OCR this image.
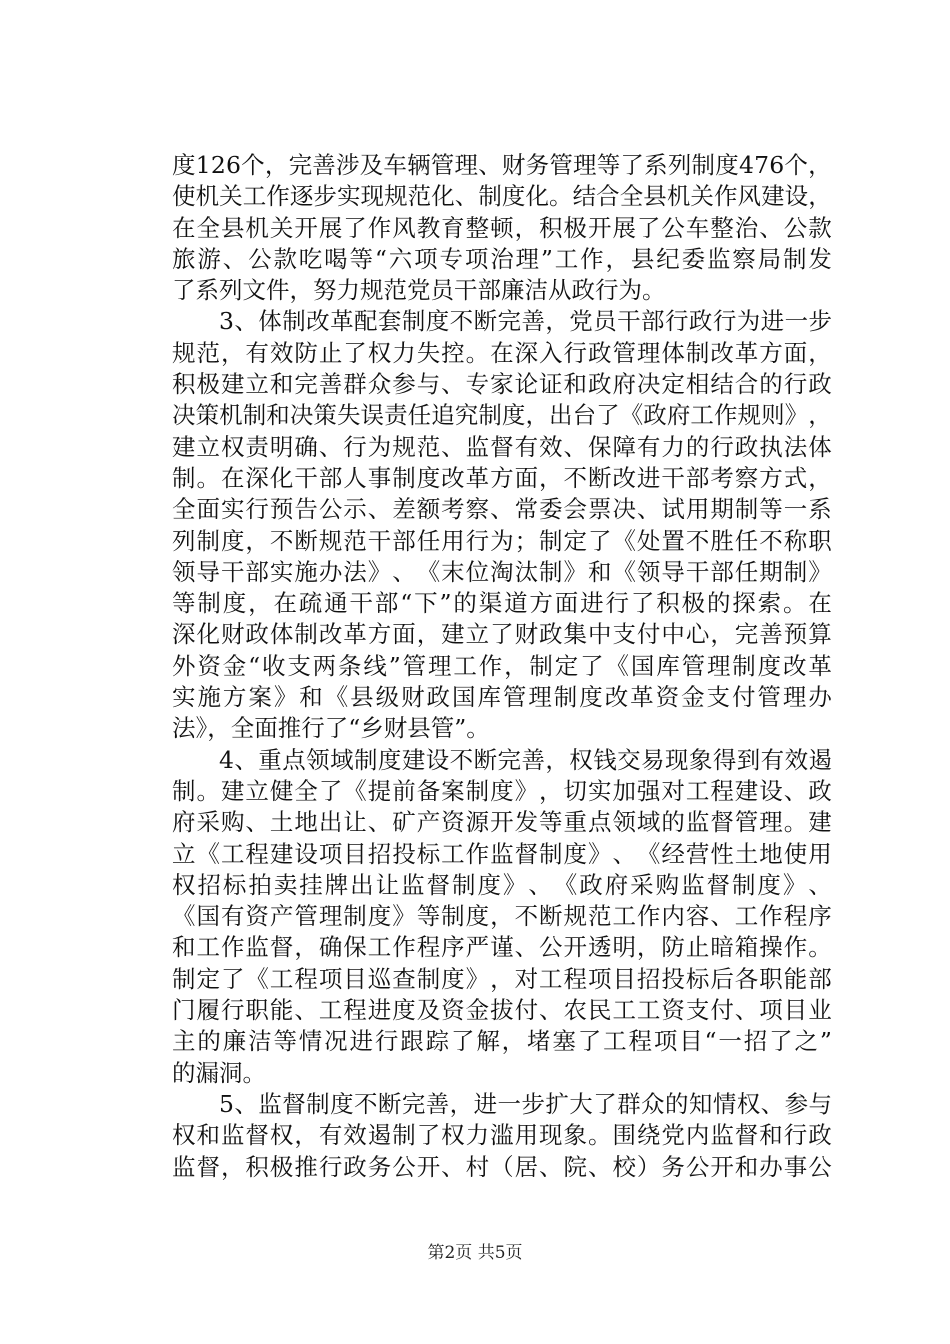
度 1 2 6 个 ， 完 善 涉 及 车 辆 管 理 、 财 务 管 理 等 了 系 列 制 度 4 7 6 个 ，
使 机 关 工 作 逐 步 实 现 规 范 化 、 制 度 化 。 结 合 全 县 机 关 作 风 建 设 ，
在 全 县 机 关 开 展 了 作 风 教 育 整 顿 ， 积 极 开 展 了 公 车 整 治 、 公 款
旅 游 、 公 款 吃 喝 等 “ 六 项 专 项 治 理 ” 工 作 ， 县 纪 委 监 察 局 制 发
了系列文件，努力规范党员干部廉洁从政行为。
3 、 体 制 改 革 配 套 制 度 不 断 完 善 ， 党 员 干 部 行 政 行 为 进 一 步
规 范 ， 有 效 防 止 了 权 力 失 控 。 在 深 入 行 政 管 理 体 制 改 革 方 面 ，
积 极 建 立 和 完 善 群 众 参 与 、 专 家 论 证 和 政 府 决 定 相 结 合 的 行 政
决 策 机 制 和 决 策 失 误 责 任 追 究 制 度 ， 出 台 了 《 政 府 工 作 规 则 》 ，
建 立 权 责 明 确 、 行 为 规 范 、 监 督 有 效 、 保 障 有 力 的 行 政 执 法 体
制 。 在 深 化 干 部 人 事 制 度 改 革 方 面 ， 不 断 改 进 干 部 考 察 方 式 ，
全 面 实 行 预 告 公 示 、 差 额 考 察 、 常 委 会 票 决 、 试 用 期 制 等 一 系
列 制 度 ， 不 断 规 范 干 部 任 用 行 为 ； 制 定 了 《 处 置 不 胜 任 不 称 职
领 导 干 部 实 施 办 法 》 、 《 末 位 淘 汰 制 》 和 《 领 导 干 部 任 期 制 》
等 制 度 ， 在 疏 通 干 部 “ 下 ” 的 渠 道 方 面 进 行 了 积 极 的 探 索 。 在
深 化 财 政 体 制 改 革 方 面 ， 建 立 了 财 政 集 中 支 付 中 心 ， 完 善 预 算
外 资 金 “ 收 支 两 条 线 ” 管 理 工 作 ， 制 定 了 《 国 库 管 理 制 度 改 革
实 施 方 案 》 和 《 县 级 财 政 国 库 管 理 制 度 改 革 资 金 支 付 管 理 办
法》，全面推行了“乡财县管”。
4 、 重 点 领 域 制 度 建 设 不 断 完 善 ， 权 钱 交 易 现 象 得 到 有 效 遏
制 。 建 立 健 全 了 《 提 前 备 案 制 度 》 ， 切 实 加 强 对 工 程 建 设 、 政
府 采 购 、 土 地 出 让 、 矿 产 资 源 开 发 等 重 点 领 域 的 监 督 管 理 。 建
立 《 工 程 建 设 项 目 招 投 标 工 作 监 督 制 度 》 、 《 经 营 性 土 地 使 用
权 招 标 拍 卖 挂 牌 出 让 监 督 制 度 》 、 《 政 府 采 购 监 督 制 度 》 、
《 国 有 资 产 管 理 制 度 》 等 制 度 ， 不 断 规 范 工 作 内 容 、 工 作 程 序
和 工 作 监 督 ， 确 保 工 作 程 序 严 谨 、 公 开 透 明 ， 防 止 暗 箱 操 作 。
制 定 了 《 工 程 项 目 巡 查 制 度 》 ， 对 工 程 项 目 招 投 标 后 各 职 能 部
门 履 行 职 能 、 工 程 进 度 及 资 金 拔 付 、 农 民 工 工 资 支 付 、 项 目 业
主 的 廉 洁 等 情 况 进 行 跟 踪 了 解 ， 堵 塞 了 工 程 项 目 “ 一 招 了 之 ”
的漏洞。
5 、 监 督 制 度 不 断 完 善 ， 进 一 步 扩 大 了 群 众 的 知 情 权 、 参 与
权 和 监 督 权 ， 有 效 遏 制 了 权 力 滥 用 现 象 。 围 绕 党 内 监 督 和 行 政
监 督 ， 积 极 推 行 政 务 公 开 、 村 （ 居 、 院 、 校 ） 务 公 开 和 办 事 公
第2页 共5页
